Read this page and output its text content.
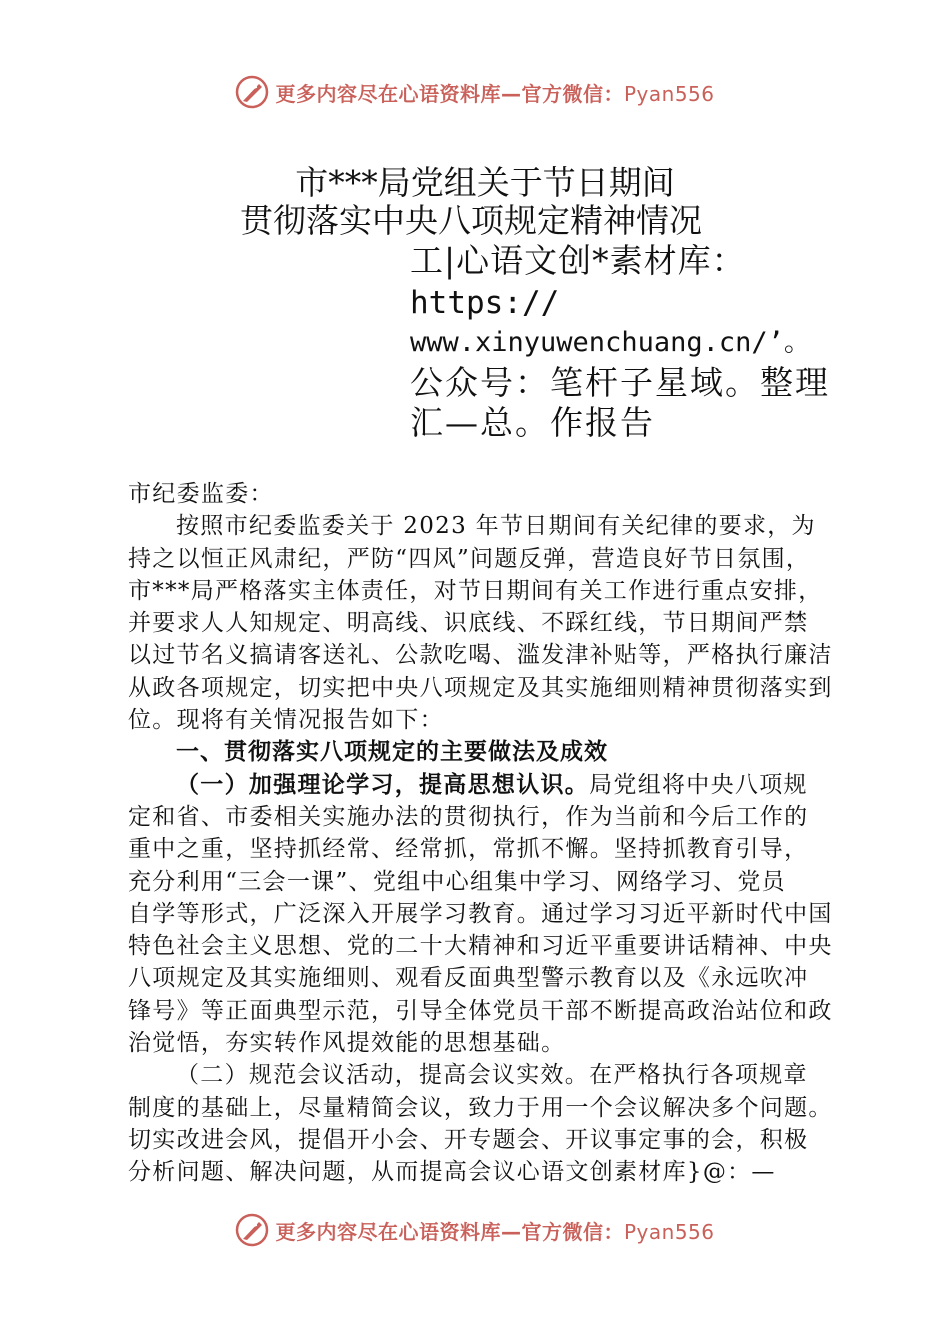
更多内容尽在心语资料库—官方微信：Pyan556
市***局党组关于节日期间
贯彻落实中央八项规定精神情况
工|心语文创*素材库：
https://
www.xinyuwenchuang.cn/’。
公众号：笔杆子星域。整理
汇—总。作报告
市纪委监委：
按照市纪委监委关于 2023 年节日期间有关纪律的要求，为
持之以恒正风肃纪，严防“四风”问题反弹，营造良好节日氛围，
市***局严格落实主体责任，对节日期间有关工作进行重点安排，
并要求人人知规定、明高线、识底线、不踩红线，节日期间严禁
以过节名义搞请客送礼、公款吃喝、滥发津补贴等，严格执行廉洁
从政各项规定，切实把中央八项规定及其实施细则精神贯彻落实到
位。现将有关情况报告如下：
一、贯彻落实八项规定的主要做法及成效
（一）加强理论学习，提高思想认识。局党组将中央八项规
定和省、市委相关实施办法的贯彻执行，作为当前和今后工作的
重中之重，坚持抓经常、经常抓，常抓不懈。坚持抓教育引导，
充分利用“三会一课”、党组中心组集中学习、网络学习、党员
自学等形式，广泛深入开展学习教育。通过学习习近平新时代中国
特色社会主义思想、党的二十大精神和习近平重要讲话精神、中央
八项规定及其实施细则、观看反面典型警示教育以及《永远吹冲
锋号》等正面典型示范，引导全体党员干部不断提高政治站位和政
治觉悟，夯实转作风提效能的思想基础。
（二）规范会议活动，提高会议实效。在严格执行各项规章
制度的基础上，尽量精简会议，致力于用一个会议解决多个问题。
切实改进会风，提倡开小会、开专题会、开议事定事的会，积极
分析问题、解决问题，从而提高会议心语文创素材库}@：—
更多内容尽在心语资料库—官方微信：Pyan556
